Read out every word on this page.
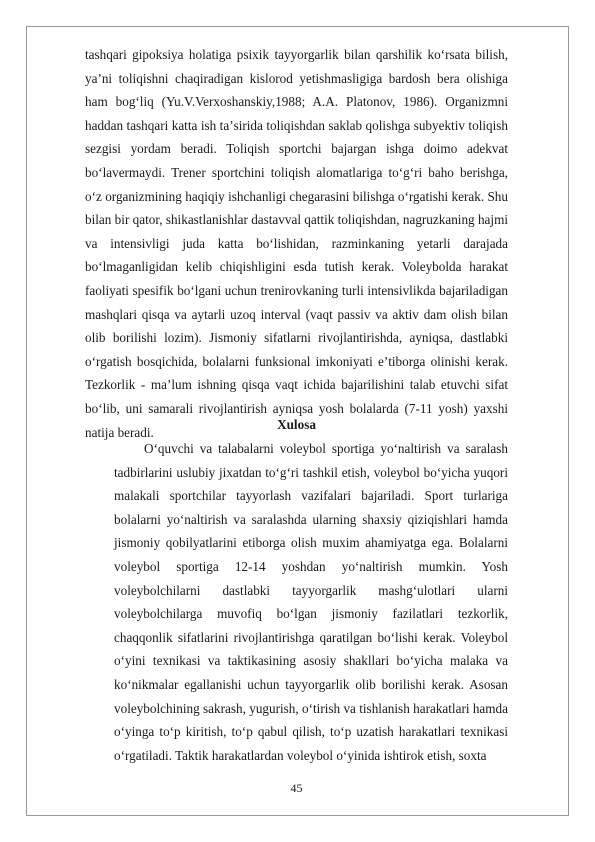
tashqari gipoksiya holatiga psixik tayyorgarlik bilan qarshilik koʻrsata bilish, yaʼni toliqishni chaqiradigan kislorod yetishmasligiga bardosh bera olishiga ham bogʻliq (Yu.V.Verxoshanskiy,1988; A.A. Platonov, 1986). Organizmni haddan tashqari katta ish taʼsirida toliqishdan saklab qolishga subyektiv toliqish sezgisi yordam beradi. Toliqish sportchi bajargan ishga doimo adekvat boʻlavermaydi. Trener sportchini toliqish alomatlariga toʻgʻri baho berishga, oʻz organizmining haqiqiy ishchanligi chegarasini bilishga oʻrgatishi kerak. Shu bilan bir qator, shikastlanishlar dastavval qattik toliqishdan, nagruzkaning hajmi va intensivligi juda katta boʻlishidan, razminkaning yetarli darajada boʻlmaganligidan kelib chiqishligini esda tutish kerak. Voleybolda harakat faoliyati spesifik boʻlgani uchun trenirovkaning turli intensivlikda bajariladigan mashqlari qisqa va aytarli uzoq interval (vaqt passiv va aktiv dam olish bilan olib borilishi lozim). Jismoniy sifatlarni rivojlantirishda, ayniqsa, dastlabki oʻrgatish bosqichida, bolalarni funksional imkoniyati eʼtiborga olinishi kerak. Tezkorlik - maʼlum ishning qisqa vaqt ichida bajarilishini talab etuvchi sifat boʻlib, uni samarali rivojlantirish ayniqsa yosh bolalarda (7-11 yosh) yaxshi natija beradi.	Xulosa

Oʻquvchi va talabalarni voleybol sportiga yoʻnaltirish va saralash tadbirlarini uslubiy jixatdan toʻgʻri tashkil etish, voleybol boʻyicha yuqori malakali sportchilar tayyorlash vazifalari bajariladi. Sport turlariga bolalarni yoʻnaltirish va saralashda ularning shaxsiy qiziqishlari hamda jismoniy qobilyatlarini etiborga olish muxim ahamiyatga ega. Bolalarni voleybol sportiga 12-14 yoshdan yoʻnaltirish mumkin. Yosh voleybolchilarni dastlabki tayyorgarlik mashgʻulotlari ularni voleybolchilarga muvofiq boʻlgan jismoniy fazilatlari tezkorlik, chaqqonlik sifatlarini rivojlantirishga qaratilgan boʻlishi kerak. Voleybol oʻyini texnikasi va taktikasining asosiy shakllari boʻyicha malaka va koʻnikmalar egallanishi uchun tayyorgarlik olib borilishi kerak. Asosan voleybolchining sakrash, yugurish, oʻtirish va tishlanish harakatlari hamda oʻyinga toʻp kiritish, toʻp qabul qilish, toʻp uzatish harakatlari texnikasi oʻrgatiladi. Taktik harakatlardan voleybol oʻyinida ishtirok etish, soxta

45
